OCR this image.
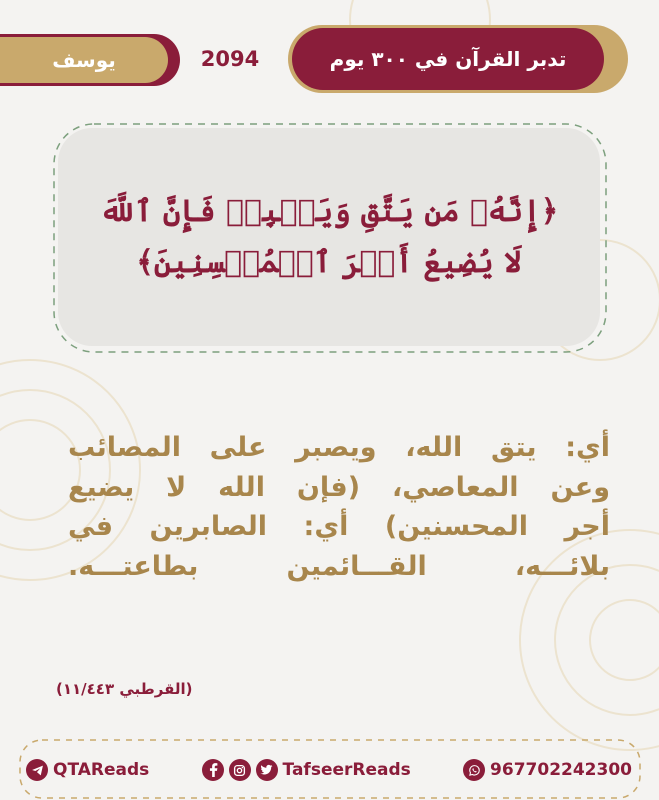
تدبر القرآن في ٣٠٠ يوم
2094
يوسف
﴿إِنَّهُۥ مَن يَتَّقِ وَيَصۡبِرۡ فَإِنَّ ٱللَّهَ
لَا يُضِيعُ أَجۡرَ ٱلۡمُحۡسِنِينَ﴾
أي: يتق الله، ويصبر على المصائب
وعن المعاصي، (فإن الله لا يضيع
أجر المحسنين) أي: الصابرين في
بلائـــه، القـــائمين بطاعتـــه.
(القرطبي ١١/٤٤٣)
QTAReads	TafseerReads	967702242300
